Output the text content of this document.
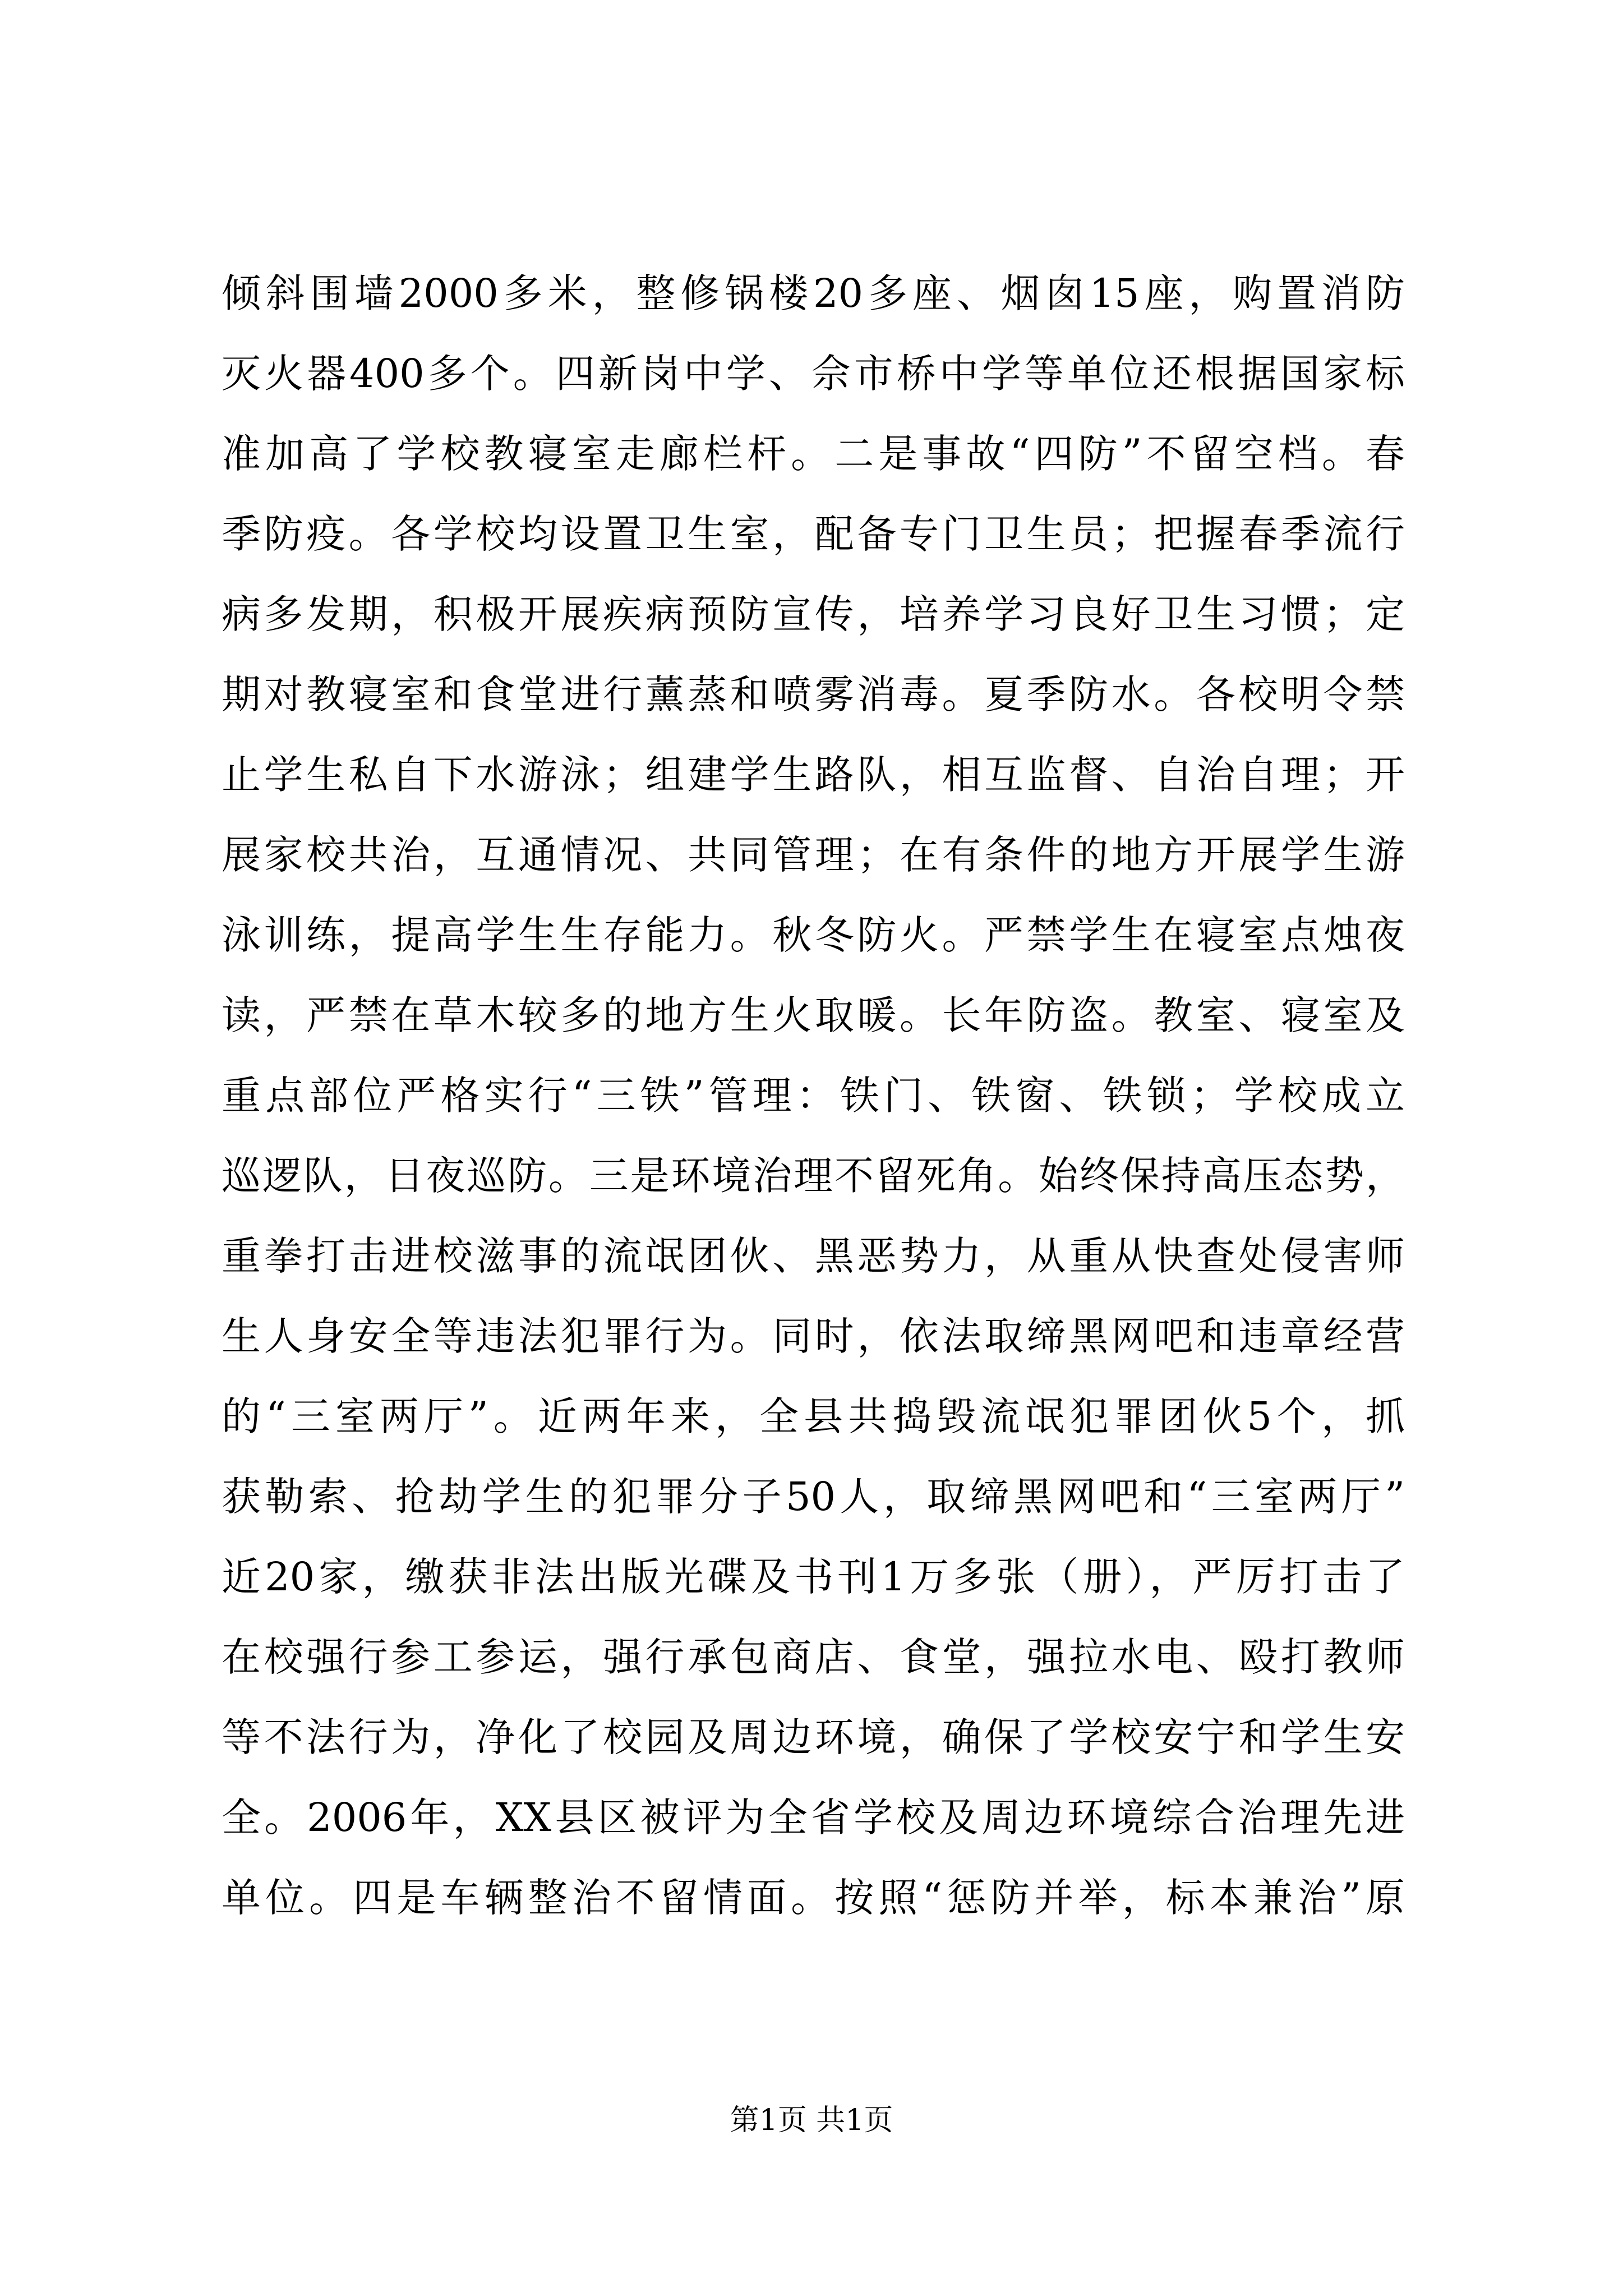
倾斜围墙2000多米，整修锅楼20多座、烟囱15座，购置消防
灭火器400多个。四新岗中学、佘市桥中学等单位还根据国家标
准加高了学校教寝室走廊栏杆。二是事故“四防”不留空档。春
季防疫。各学校均设置卫生室，配备专门卫生员；把握春季流行
病多发期，积极开展疾病预防宣传，培养学习良好卫生习惯；定
期对教寝室和食堂进行薰蒸和喷雾消毒。夏季防水。各校明令禁
止学生私自下水游泳；组建学生路队，相互监督、自治自理；开
展家校共治，互通情况、共同管理；在有条件的地方开展学生游
泳训练，提高学生生存能力。秋冬防火。严禁学生在寝室点烛夜
读，严禁在草木较多的地方生火取暖。长年防盗。教室、寝室及
重点部位严格实行“三铁”管理：铁门、铁窗、铁锁；学校成立
巡逻队，日夜巡防。三是环境治理不留死角。始终保持高压态势，
重拳打击进校滋事的流氓团伙、黑恶势力，从重从快查处侵害师
生人身安全等违法犯罪行为。同时，依法取缔黑网吧和违章经营
的“三室两厅”。近两年来，全县共捣毁流氓犯罪团伙5个，抓
获勒索、抢劫学生的犯罪分子50人，取缔黑网吧和“三室两厅”
近20家，缴获非法出版光碟及书刊1万多张（册），严厉打击了
在校强行参工参运，强行承包商店、食堂，强拉水电、殴打教师
等不法行为，净化了校园及周边环境，确保了学校安宁和学生安
全。2006年，XX县区被评为全省学校及周边环境综合治理先进
单位。四是车辆整治不留情面。按照“惩防并举，标本兼治”原
第1页 共1页
